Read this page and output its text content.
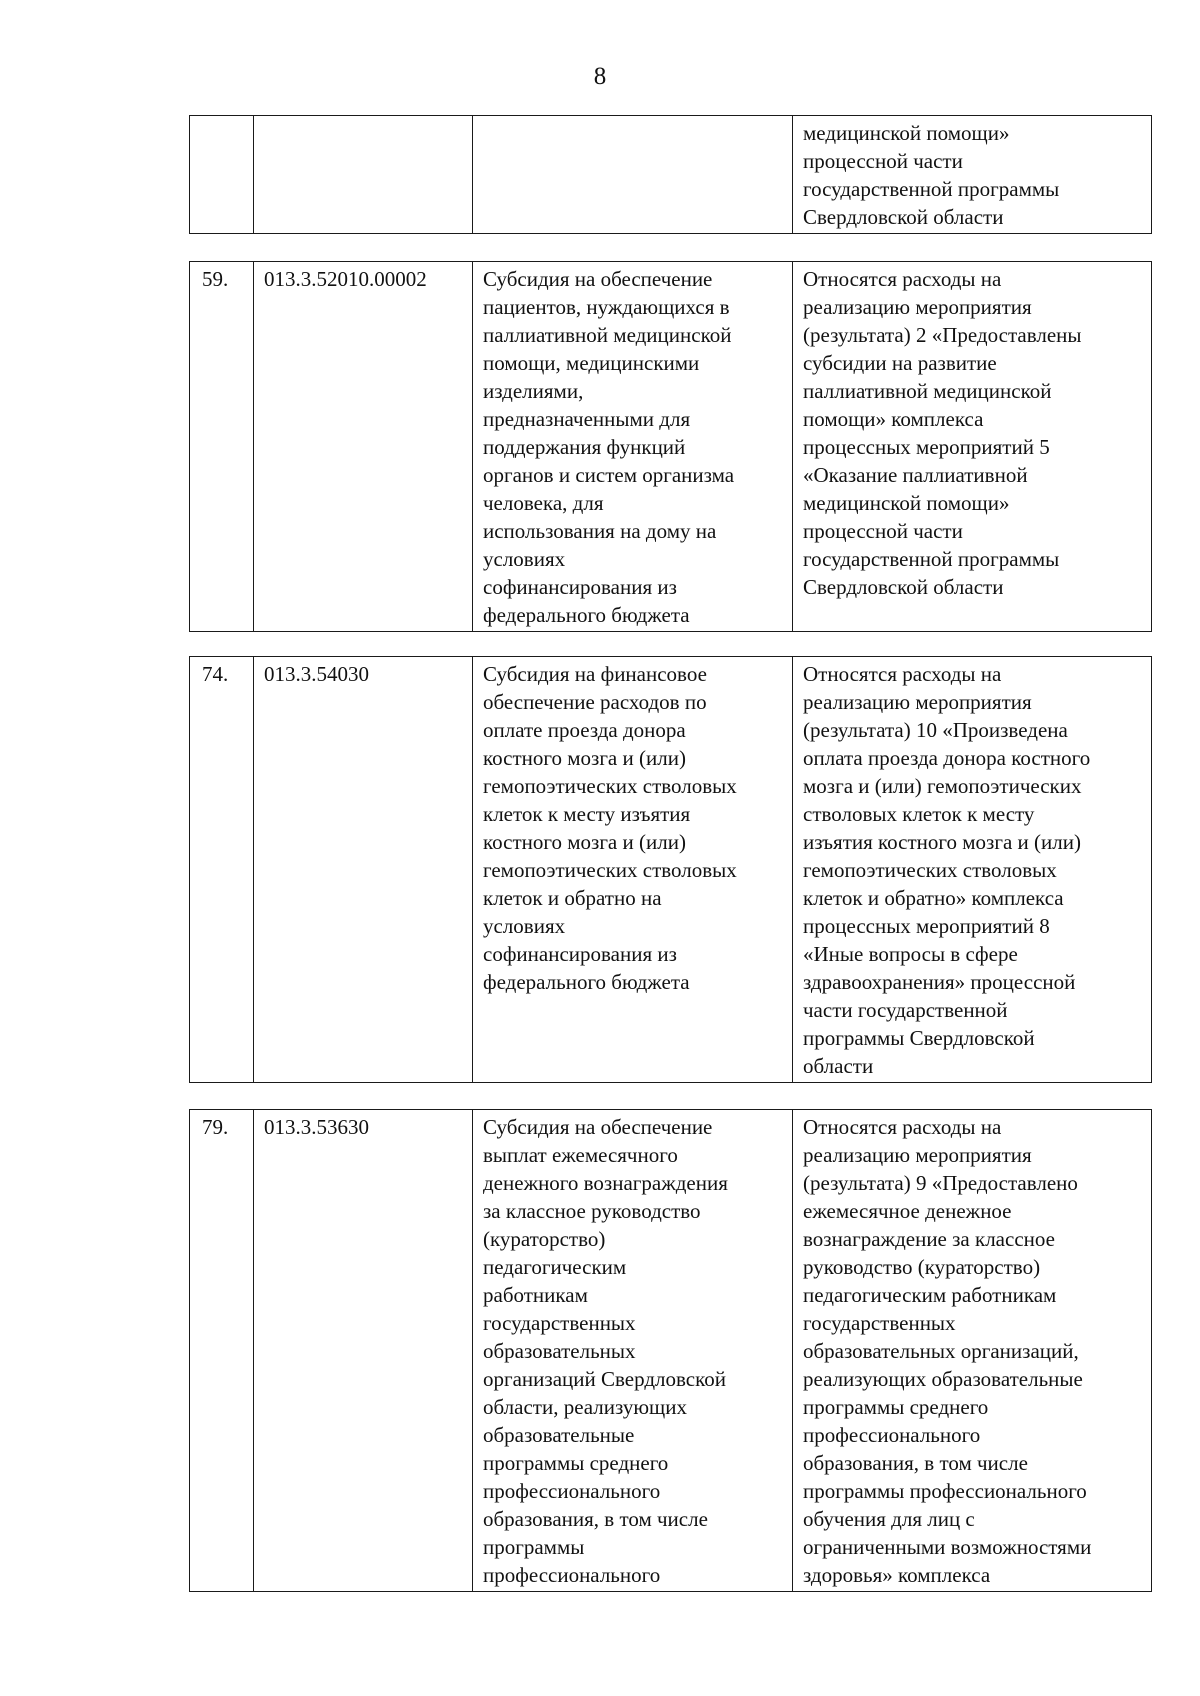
8
			медицинской помощи»
процессной части
государственной программы
Свердловской области
59.	013.3.52010.00002	Субсидия на обеспечение
пациентов, нуждающихся в
паллиативной медицинской
помощи, медицинскими
изделиями,
предназначенными для
поддержания функций
органов и систем организма
человека, для
использования на дому на
условиях
софинансирования из
федерального бюджета	Относятся расходы на
реализацию мероприятия
(результата) 2 «Предоставлены
субсидии на развитие
паллиативной медицинской
помощи» комплекса
процессных мероприятий 5
«Оказание паллиативной
медицинской помощи»
процессной части
государственной программы
Свердловской области
74.	013.3.54030	Субсидия на финансовое
обеспечение расходов по
оплате проезда донора
костного мозга и (или)
гемопоэтических стволовых
клеток к месту изъятия
костного мозга и (или)
гемопоэтических стволовых
клеток и обратно на
условиях
софинансирования из
федерального бюджета	Относятся расходы на
реализацию мероприятия
(результата) 10 «Произведена
оплата проезда донора костного
мозга и (или) гемопоэтических
стволовых клеток к месту
изъятия костного мозга и (или)
гемопоэтических стволовых
клеток и обратно» комплекса
процессных мероприятий 8
«Иные вопросы в сфере
здравоохранения» процессной
части государственной
программы Свердловской
области
79.	013.3.53630	Субсидия на обеспечение
выплат ежемесячного
денежного вознаграждения
за классное руководство
(кураторство)
педагогическим
работникам
государственных
образовательных
организаций Свердловской
области, реализующих
образовательные
программы среднего
профессионального
образования, в том числе
программы
профессионального	Относятся расходы на
реализацию мероприятия
(результата) 9 «Предоставлено
ежемесячное денежное
вознаграждение за классное
руководство (кураторство)
педагогическим работникам
государственных
образовательных организаций,
реализующих образовательные
программы среднего
профессионального
образования, в том числе
программы профессионального
обучения для лиц с
ограниченными возможностями
здоровья» комплекса
